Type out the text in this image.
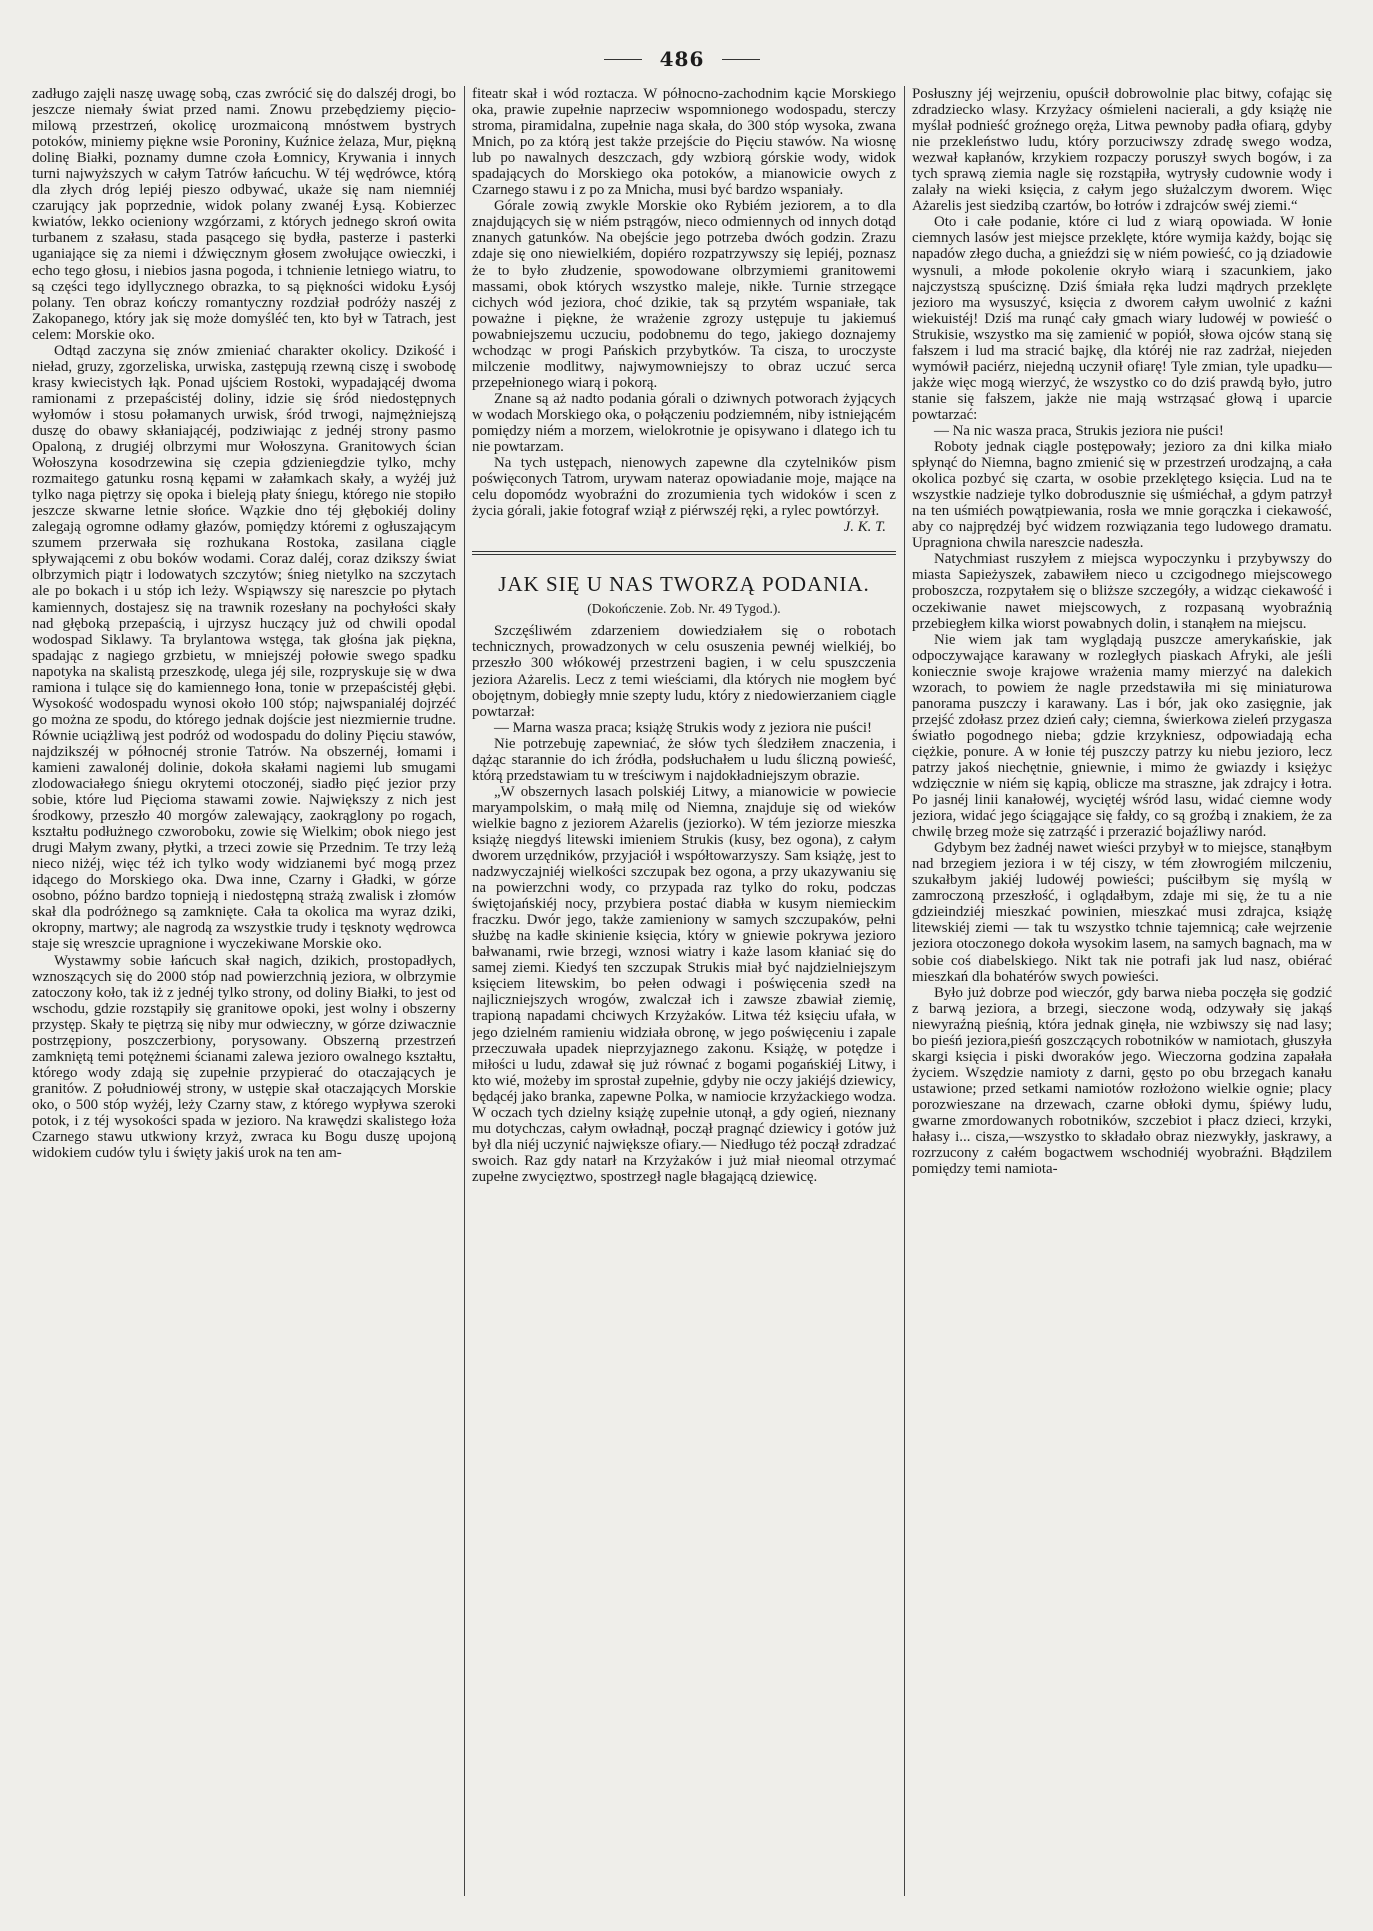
486

zadługo zajęli naszę uwagę sobą, czas zwrócić się do dalszéj drogi, bo jeszcze niemały świat przed nami. Znowu przebędziemy pięcio-milową przestrzeń, okolicę urozmaiconą mnóstwem bystrych potoków, miniemy piękne wsie Poroniny, Kuźnice żelaza, Mur, piękną dolinę Białki, poznamy dumne czoła Łomnicy, Krywania i innych turni najwyższych w całym Tatrów łańcuchu. W téj wędrówce, którą dla złych dróg lepiéj pieszo odbywać, ukaże się nam niemniéj czarujący jak poprzednie, widok polany zwanéj Łysą. Kobierzec kwiatów, lekko ocieniony wzgórzami, z których jednego skroń owita turbanem z szałasu, stada pasącego się bydła, pasterze i pasterki uganiające się za niemi i dźwięcznym głosem zwołujące owieczki, i echo tego głosu, i niebios jasna pogoda, i tchnienie letniego wiatru, to są części tego idyllycznego obrazka, to są piękności widoku Łysój polany. Ten obraz kończy romantyczny rozdział podróży naszéj z Zakopanego, który jak się może domyśléć ten, kto był w Tatrach, jest celem: Morskie oko.

Odtąd zaczyna się znów zmieniać charakter okolicy. Dzikość i nieład, gruzy, zgorzeliska, urwiska, zastępują rzewną ciszę i swobodę krasy kwiecistych łąk. Ponad ujściem Rostoki, wypadającéj dwoma ramionami z przepaścistéj doliny, idzie się śród niedostępnych wyłomów i stosu połamanych urwisk, śród trwogi, najmężniejszą duszę do obawy skłaniającéj, podziwiając z jednéj strony pasmo Opaloną, z drugiéj olbrzymi mur Wołoszyna. Granitowych ścian Wołoszyna kosodrzewina się czepia gdzieniegdzie tylko, mchy rozmaitego gatunku rosną kępami w załamkach skały, a wyżéj już tylko naga piętrzy się opoka i bieleją płaty śniegu, którego nie stopiło jeszcze skwarne letnie słońce. Wązkie dno téj głębokiéj doliny zalegają ogromne odłamy głazów, pomiędzy któremi z ogłuszającym szumem przerwała się rozhukana Rostoka, zasilana ciągle spływającemi z obu boków wodami. Coraz daléj, coraz dzikszy świat olbrzymich piątr i lodowatych szczytów; śnieg nietylko na szczytach ale po bokach i u stóp ich leży. Wspiąwszy się nareszcie po płytach kamiennych, dostajesz się na trawnik rozesłany na pochyłości skały nad głęboką przepaścią, i ujrzysz huczący już od chwili opodal wodospad Siklawy. Ta brylantowa wstęga, tak głośna jak piękna, spadając z nagiego grzbietu, w mniejszéj połowie swego spadku napotyka na skalistą przeszkodę, ulega jéj sile, rozpryskuje się w dwa ramiona i tulące się do kamiennego łona, tonie w przepaścistéj głębi. Wysokość wodospadu wynosi około 100 stóp; najwspanialéj dojrzéć go można ze spodu, do którego jednak dojście jest niezmiernie trudne. Równie uciążliwą jest podróż od wodospadu do doliny Pięciu stawów, najdzikszéj w północnéj stronie Tatrów. Na obszernéj, łomami i kamieni zawalonéj dolinie, dokoła skałami nagiemi lub smugami zlodowaciałego śniegu okrytemi otoczonéj, siadło pięć jezior przy sobie, które lud Pięcioma stawami zowie. Największy z nich jest środkowy, przeszło 40 morgów zalewający, zaokrąglony po rogach, kształtu podłużnego czworoboku, zowie się Wielkim; obok niego jest drugi Małym zwany, płytki, a trzeci zowie się Przednim. Te trzy leżą nieco niżéj, więc téż ich tylko wody widzianemi być mogą przez idącego do Morskiego oka. Dwa inne, Czarny i Gładki, w górze osobno, późno bardzo topnieją i niedostępną strażą zwalisk i złomów skał dla podróżnego są zamknięte. Cała ta okolica ma wyraz dziki, okropny, martwy; ale nagrodą za wszystkie trudy i tęsknoty wędrowca staje się wreszcie upragnione i wyczekiwane Morskie oko.

Wystawmy sobie łańcuch skał nagich, dzikich, prostopadłych, wznoszących się do 2000 stóp nad powierzchnią jeziora, w olbrzymie zatoczony koło, tak iż z jednéj tylko strony, od doliny Białki, to jest od wschodu, gdzie rozstąpiły się granitowe opoki, jest wolny i obszerny przystęp. Skały te piętrzą się niby mur odwieczny, w górze dziwacznie postrzępiony, poszczerbiony, porysowany. Obszerną przestrzeń zamkniętą temi potężnemi ścianami zalewa jezioro owalnego kształtu, którego wody zdają się zupełnie przypierać do otaczających je granitów. Z południowéj strony, w ustępie skał otaczających Morskie oko, o 500 stóp wyżéj, leży Czarny staw, z którego wypływa szeroki potok, i z téj wysokości spada w jezioro. Na krawędzi skalistego łoża Czarnego stawu utkwiony krzyż, zwraca ku Bogu duszę upojoną widokiem cudów tylu i święty jakiś urok na ten am-

fiteatr skał i wód roztacza. W północno-zachodnim kącie Morskiego oka, prawie zupełnie naprzeciw wspomnionego wodospadu, sterczy stroma, piramidalna, zupełnie naga skała, do 300 stóp wysoka, zwana Mnich, po za którą jest także przejście do Pięciu stawów. Na wiosnę lub po nawalnych deszczach, gdy wzbiorą górskie wody, widok spadających do Morskiego oka potoków, a mianowicie owych z Czarnego stawu i z po za Mnicha, musi być bardzo wspaniały.

Górale zowią zwykle Morskie oko Rybiém jeziorem, a to dla znajdujących się w niém pstrągów, nieco odmiennych od innych dotąd znanych gatunków. Na obejście jego potrzeba dwóch godzin. Zrazu zdaje się ono niewielkiém, dopiéro rozpatrzywszy się lepiéj, poznasz że to było złudzenie, spowodowane olbrzymiemi granitowemi massami, obok których wszystko maleje, nikłe. Turnie strzegące cichych wód jeziora, choć dzikie, tak są przytém wspaniałe, tak poważne i piękne, że wrażenie zgrozy ustępuje tu jakiemuś powabniejszemu uczuciu, podobnemu do tego, jakiego doznajemy wchodząc w progi Pańskich przybytków. Ta cisza, to uroczyste milczenie modlitwy, najwymowniejszy to obraz uczuć serca przepełnionego wiarą i pokorą.

Znane są aż nadto podania górali o dziwnych potworach żyjących w wodach Morskiego oka, o połączeniu podziemném, niby istniejącém pomiędzy niém a morzem, wielokrotnie je opisywano i dlatego ich tu nie powtarzam.

Na tych ustępach, nienowych zapewne dla czytelników pism poświęconych Tatrom, urywam nateraz opowiadanie moje, mające na celu dopomódz wyobraźni do zrozumienia tych widoków i scen z życia górali, jakie fotograf wziął z piérwszéj ręki, a rylec powtórzył.

J. K. T.
JAK SIĘ U NAS TWORZĄ PODANIA.
(Dokończenie. Zob. Nr. 49 Tygod.).

Szczęśliwém zdarzeniem dowiedziałem się o robotach technicznych, prowadzonych w celu osuszenia pewnéj wielkiéj, bo przeszło 300 włókowéj przestrzeni bagien, i w celu spuszczenia jeziora Ażarelis. Lecz z temi wieściami, dla których nie mogłem być obojętnym, dobiegły mnie szepty ludu, który z niedowierzaniem ciągle powtarzał:

— Marna wasza praca; książę Strukis wody z jeziora nie puści!

Nie potrzebuję zapewniać, że słów tych śledziłem znaczenia, i dążąc starannie do ich źródła, podsłuchałem u ludu śliczną powieść, którą przedstawiam tu w treściwym i najdokładniejszym obrazie.

„W obszernych lasach polskiéj Litwy, a mianowicie w powiecie maryampolskim, o małą milę od Niemna, znajduje się od wieków wielkie bagno z jeziorem Ażarelis (jeziorko). W tém jeziorze mieszka książę niegdyś litewski imieniem Strukis (kusy, bez ogona), z całym dworem urzędników, przyjaciół i współtowarzyszy. Sam książę, jest to nadzwyczajniéj wielkości szczupak bez ogona, a przy ukazywaniu się na powierzchni wody, co przypada raz tylko do roku, podczas świętojańskiéj nocy, przybiera postać diabła w kusym niemieckim fraczku. Dwór jego, także zamieniony w samych szczupaków, pełni służbę na kadłe skinienie księcia, który w gniewie pokrywa jezioro bałwanami, rwie brzegi, wznosi wiatry i każe lasom kłaniać się do samej ziemi. Kiedyś ten szczupak Strukis miał być najdzielniejszym księciem litewskim, bo pełen odwagi i poświęcenia szedł na najliczniejszych wrogów, zwalczał ich i zawsze zbawiał ziemię, trapioną napadami chciwych Krzyżaków. Litwa téż księciu ufała, w jego dzielném ramieniu widziała obronę, w jego poświęceniu i zapale przeczuwała upadek nieprzyjaznego zakonu. Książę, w potędze i miłości u ludu, zdawał się już równać z bogami pogańskiéj Litwy, i kto wié, możeby im sprostał zupełnie, gdyby nie oczy jakiéjś dziewicy, będącéj jako branka, zapewne Polka, w namiocie krzyżackiego wodza. W oczach tych dzielny książę zupełnie utonął, a gdy ogień, nieznany mu dotychczas, całym owładnął, począł pragnąć dziewicy i gotów już był dla niéj uczynić największe ofiary.— Niedługo téż począł zdradzać swoich. Raz gdy natarł na Krzyżaków i już miał nieomal otrzymać zupełne zwycięztwo, spostrzegł nagle błagającą dziewicę.

Posłuszny jéj wejrzeniu, opuścił dobrowolnie plac bitwy, cofając się zdradziecko wlasy. Krzyżacy ośmieleni nacierali, a gdy książę nie myślał podnieść groźnego oręża, Litwa pewnoby padła ofiarą, gdyby nie przekleństwo ludu, który porzuciwszy zdradę swego wodza, wezwał kapłanów, krzykiem rozpaczy poruszył swych bogów, i za tych sprawą ziemia nagle się rozstąpiła, wytrysły cudownie wody i zalały na wieki księcia, z całym jego służalczym dworem. Więc Ażarelis jest siedzibą czartów, bo łotrów i zdrajców swéj ziemi.“

Oto i całe podanie, które ci lud z wiarą opowiada. W łonie ciemnych lasów jest miejsce przeklęte, które wymija każdy, bojąc się napadów złego ducha, a gnieździ się w niém powieść, co ją dziadowie wysnuli, a młode pokolenie okryło wiarą i szacunkiem, jako najczystszą spuściznę. Dziś śmiała ręka ludzi mądrych przeklęte jezioro ma wysuszyć, księcia z dworem całym uwolnić z kaźni wiekuistéj! Dziś ma runąć cały gmach wiary ludowéj w powieść o Strukisie, wszystko ma się zamienić w popiół, słowa ojców staną się fałszem i lud ma stracić bajkę, dla któréj nie raz zadrżał, niejeden wymówił paciérz, niejedną uczynił ofiarę! Tyle zmian, tyle upadku—jakże więc mogą wierzyć, że wszystko co do dziś prawdą było, jutro stanie się fałszem, jakże nie mają wstrząsać głową i uparcie powtarzać:

— Na nic wasza praca, Strukis jeziora nie puści!

Roboty jednak ciągle postępowały; jezioro za dni kilka miało spłynąć do Niemna, bagno zmienić się w przestrzeń urodzajną, a cała okolica pozbyć się czarta, w osobie przeklętego księcia. Lud na te wszystkie nadzieje tylko dobrodusznie się uśmiéchał, a gdym patrzył na ten uśmiéch powątpiewania, rosła we mnie gorączka i ciekawość, aby co najprędzéj być widzem rozwiązania tego ludowego dramatu. Upragniona chwila nareszcie nadeszła.

Natychmiast ruszyłem z miejsca wypoczynku i przybywszy do miasta Sapieżyszek, zabawiłem nieco u czcigodnego miejscowego proboszcza, rozpytałem się o bliższe szczegóły, a widząc ciekawość i oczekiwanie nawet miejscowych, z rozpasaną wyobraźnią przebiegłem kilka wiorst powabnych dolin, i stanąłem na miejscu.

Nie wiem jak tam wyglądają puszcze amerykańskie, jak odpoczywające karawany w rozległych piaskach Afryki, ale jeśli koniecznie swoje krajowe wrażenia mamy mierzyć na dalekich wzorach, to powiem że nagle przedstawiła mi się miniaturowa panorama puszczy i karawany. Las i bór, jak oko zasięgnie, jak przejść zdołasz przez dzień cały; ciemna, świerkowa zieleń przygasza światło pogodnego nieba; gdzie krzykniesz, odpowiadają echa ciężkie, ponure. A w łonie téj puszczy patrzy ku niebu jezioro, lecz patrzy jakoś niechętnie, gniewnie, i mimo że gwiazdy i księżyc wdzięcznie w niém się kąpią, oblicze ma straszne, jak zdrajcy i łotra. Po jasnéj linii kanałowéj, wyciętéj wśród lasu, widać ciemne wody jeziora, widać jego ściągające się fałdy, co są groźbą i znakiem, że za chwilę brzeg może się zatrząść i przerazić bojaźliwy naród.

Gdybym bez żadnéj nawet wieści przybył w to miejsce, stanąłbym nad brzegiem jeziora i w téj ciszy, w tém złowrogiém milczeniu, szukałbym jakiéj ludowéj powieści; puściłbym się myślą w zamroczoną przeszłość, i oglądałbym, zdaje mi się, że tu a nie gdzieindziéj mieszkać powinien, mieszkać musi zdrajca, książę litewskiéj ziemi — tak tu wszystko tchnie tajemnicą; całe wejrzenie jeziora otoczonego dokoła wysokim lasem, na samych bagnach, ma w sobie coś diabelskiego. Nikt tak nie potrafi jak lud nasz, obiérać mieszkań dla bohatérów swych powieści.

Było już dobrze pod wieczór, gdy barwa nieba poczęła się godzić z barwą jeziora, a brzegi, sieczone wodą, odzywały się jakąś niewyraźną pieśnią, która jednak ginęła, nie wzbiwszy się nad lasy; bo pieśń jeziora,pieśń goszczących robotników w namiotach, głuszyła skargi księcia i piski dworaków jego. Wieczorna godzina zapałała życiem. Wszędzie namioty z darni, gęsto po obu brzegach kanału ustawione; przed setkami namiotów rozłożono wielkie ognie; placy porozwieszane na drzewach, czarne obłoki dymu, śpiéwy ludu, gwarne zmordowanych robotników, szczebiot i płacz dzieci, krzyki, hałasy i... cisza,—wszystko to składało obraz niezwykły, jaskrawy, a rozrzucony z całém bogactwem wschodniéj wyobraźni. Błądzilem pomiędzy temi namiota-
